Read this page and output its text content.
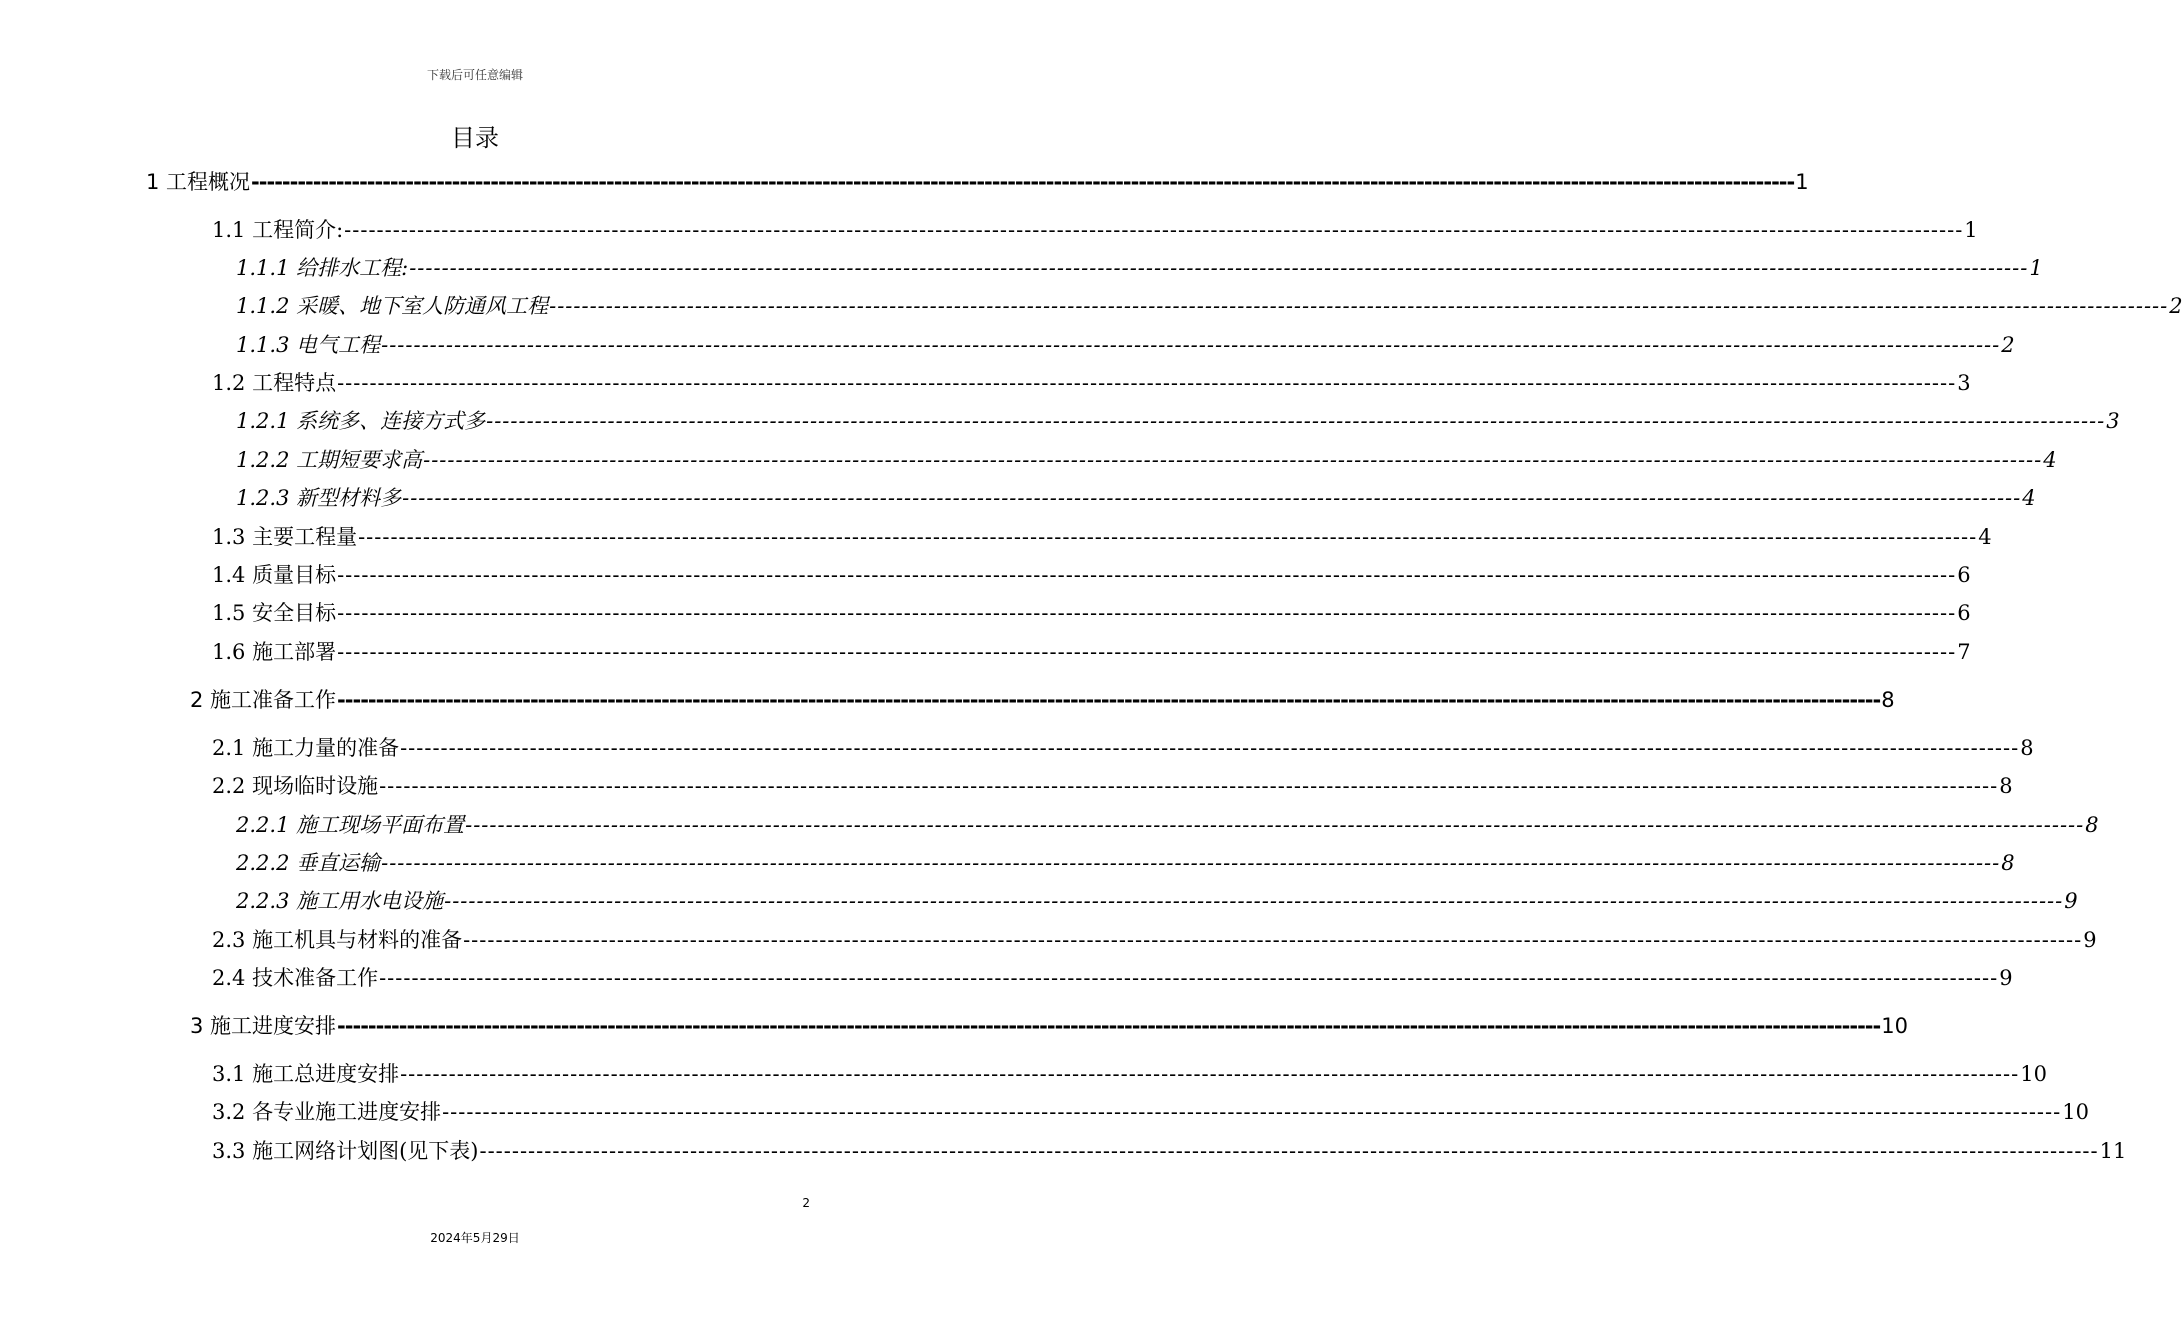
下载后可任意编辑
目录
1 工程概况 -------------------------------------------------------------------------------------------------------------------------------------------------------------------------------------------------------- 1
1.1 工程简介: -------------------------------------------------------------------------------------------------------------------------------------------------------------------------------------------------------- 1
1.1.1 给排水工程: -------------------------------------------------------------------------------------------------------------------------------------------------------------------------------------------------------- 1
1.1.2 采暖、地下室人防通风工程 -------------------------------------------------------------------------------------------------------------------------------------------------------------------------------------------------------- 2
1.1.3 电气工程 -------------------------------------------------------------------------------------------------------------------------------------------------------------------------------------------------------- 2
1.2 工程特点 -------------------------------------------------------------------------------------------------------------------------------------------------------------------------------------------------------- 3
1.2.1 系统多、连接方式多 -------------------------------------------------------------------------------------------------------------------------------------------------------------------------------------------------------- 3
1.2.2 工期短要求高 -------------------------------------------------------------------------------------------------------------------------------------------------------------------------------------------------------- 4
1.2.3 新型材料多 -------------------------------------------------------------------------------------------------------------------------------------------------------------------------------------------------------- 4
1.3 主要工程量 -------------------------------------------------------------------------------------------------------------------------------------------------------------------------------------------------------- 4
1.4 质量目标 -------------------------------------------------------------------------------------------------------------------------------------------------------------------------------------------------------- 6
1.5 安全目标 -------------------------------------------------------------------------------------------------------------------------------------------------------------------------------------------------------- 6
1.6 施工部署 -------------------------------------------------------------------------------------------------------------------------------------------------------------------------------------------------------- 7
2 施工准备工作 -------------------------------------------------------------------------------------------------------------------------------------------------------------------------------------------------------- 8
2.1 施工力量的准备 -------------------------------------------------------------------------------------------------------------------------------------------------------------------------------------------------------- 8
2.2 现场临时设施 -------------------------------------------------------------------------------------------------------------------------------------------------------------------------------------------------------- 8
2.2.1 施工现场平面布置 -------------------------------------------------------------------------------------------------------------------------------------------------------------------------------------------------------- 8
2.2.2 垂直运输 -------------------------------------------------------------------------------------------------------------------------------------------------------------------------------------------------------- 8
2.2.3 施工用水电设施 -------------------------------------------------------------------------------------------------------------------------------------------------------------------------------------------------------- 9
2.3 施工机具与材料的准备 -------------------------------------------------------------------------------------------------------------------------------------------------------------------------------------------------------- 9
2.4 技术准备工作 -------------------------------------------------------------------------------------------------------------------------------------------------------------------------------------------------------- 9
3 施工进度安排 -------------------------------------------------------------------------------------------------------------------------------------------------------------------------------------------------------- 10
3.1 施工总进度安排 -------------------------------------------------------------------------------------------------------------------------------------------------------------------------------------------------------- 10
3.2 各专业施工进度安排 -------------------------------------------------------------------------------------------------------------------------------------------------------------------------------------------------------- 10
3.3 施工网络计划图(见下表) -------------------------------------------------------------------------------------------------------------------------------------------------------------------------------------------------------- 11
2
2024年5月29日
